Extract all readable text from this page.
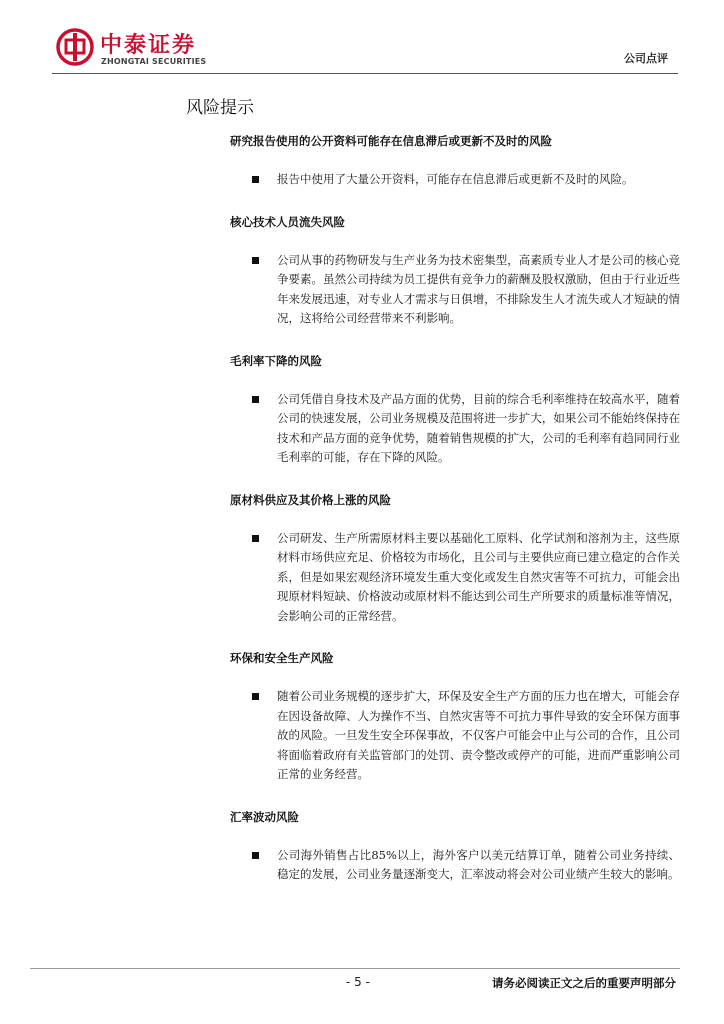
中泰证券
ZHONGTAI SECURITIES	公司点评
风险提示
研究报告使用的公开资料可能存在信息滞后或更新不及时的风险
报告中使用了大量公开资料，可能存在信息滞后或更新不及时的风险。
核心技术人员流失风险
公司从事的药物研发与生产业务为技术密集型，高素质专业人才是公司的核心竞争要素。虽然公司持续为员工提供有竞争力的薪酬及股权激励，但由于行业近些年来发展迅速，对专业人才需求与日俱增，不排除发生人才流失或人才短缺的情况，这将给公司经营带来不利影响。
毛利率下降的风险
公司凭借自身技术及产品方面的优势，目前的综合毛利率维持在较高水平，随着公司的快速发展，公司业务规模及范围将进一步扩大，如果公司不能始终保持在技术和产品方面的竞争优势，随着销售规模的扩大，公司的毛利率有趋同同行业毛利率的可能，存在下降的风险。
原材料供应及其价格上涨的风险
公司研发、生产所需原材料主要以基础化工原料、化学试剂和溶剂为主，这些原材料市场供应充足、价格较为市场化，且公司与主要供应商已建立稳定的合作关系，但是如果宏观经济环境发生重大变化或发生自然灾害等不可抗力，可能会出现原材料短缺、价格波动或原材料不能达到公司生产所要求的质量标准等情况，会影响公司的正常经营。
环保和安全生产风险
随着公司业务规模的逐步扩大，环保及安全生产方面的压力也在增大，可能会存在因设备故障、人为操作不当、自然灾害等不可抗力事件导致的安全环保方面事故的风险。一旦发生安全环保事故，不仅客户可能会中止与公司的合作，且公司将面临着政府有关监管部门的处罚、责令整改或停产的可能，进而严重影响公司正常的业务经营。
汇率波动风险
公司海外销售占比85%以上，海外客户以美元结算订单，随着公司业务持续、稳定的发展，公司业务量逐渐变大，汇率波动将会对公司业绩产生较大的影响。
- 5 -	请务必阅读正文之后的重要声明部分
